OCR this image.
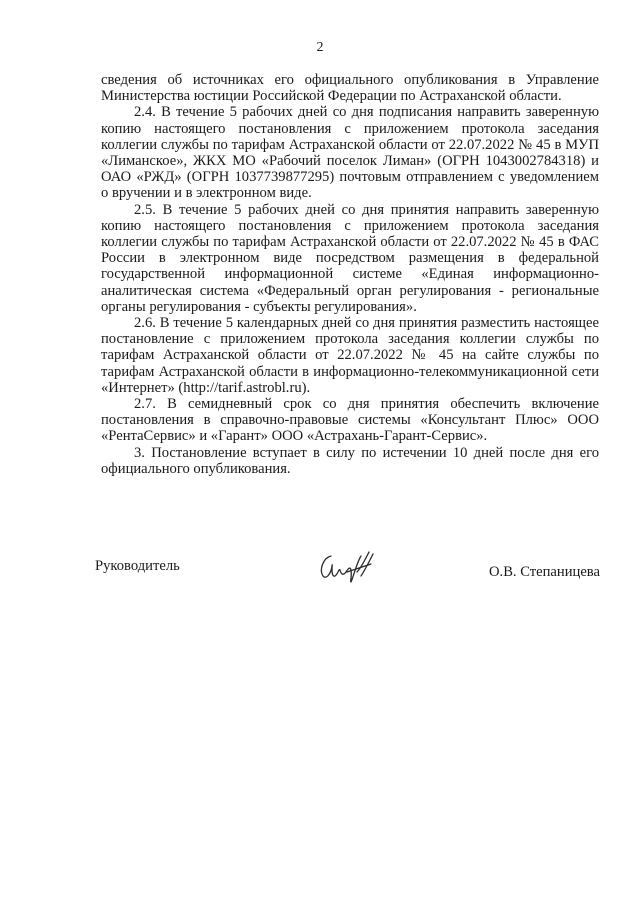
2

сведения об источниках его официального опубликования в Управление Министерства юстиции Российской Федерации по Астраханской области.

2.4. В течение 5 рабочих дней со дня подписания направить заверенную копию настоящего постановления с приложением протокола заседания коллегии службы по тарифам Астраханской области от 22.07.2022 № 45 в МУП «Лиманское», ЖКХ МО «Рабочий поселок Лиман» (ОГРН 1043002784318) и ОАО «РЖД» (ОГРН 1037739877295) почтовым отправлением с уведомлением о вручении и в электронном виде.

2.5. В течение 5 рабочих дней со дня принятия направить заверенную копию настоящего постановления с приложением протокола заседания коллегии службы по тарифам Астраханской области от 22.07.2022 № 45 в ФАС России в электронном виде посредством размещения в федеральной государственной информационной системе «Единая информационно-аналитическая система «Федеральный орган регулирования - региональные органы регулирования - субъекты регулирования».

2.6. В течение 5 календарных дней со дня принятия разместить настоящее постановление с приложением протокола заседания коллегии службы по тарифам Астраханской области от 22.07.2022 № 45 на сайте службы по тарифам Астраханской области в информационно-телекоммуникационной сети «Интернет» (http://tarif.astrobl.ru).

2.7. В семидневный срок со дня принятия обеспечить включение постановления в справочно-правовые системы «Консультант Плюс» ООО «РентаСервис» и «Гарант» ООО «Астрахань-Гарант-Сервис».

3. Постановление вступает в силу по истечении 10 дней после дня его официального опубликования.

Руководитель	О.В. Степаницева
